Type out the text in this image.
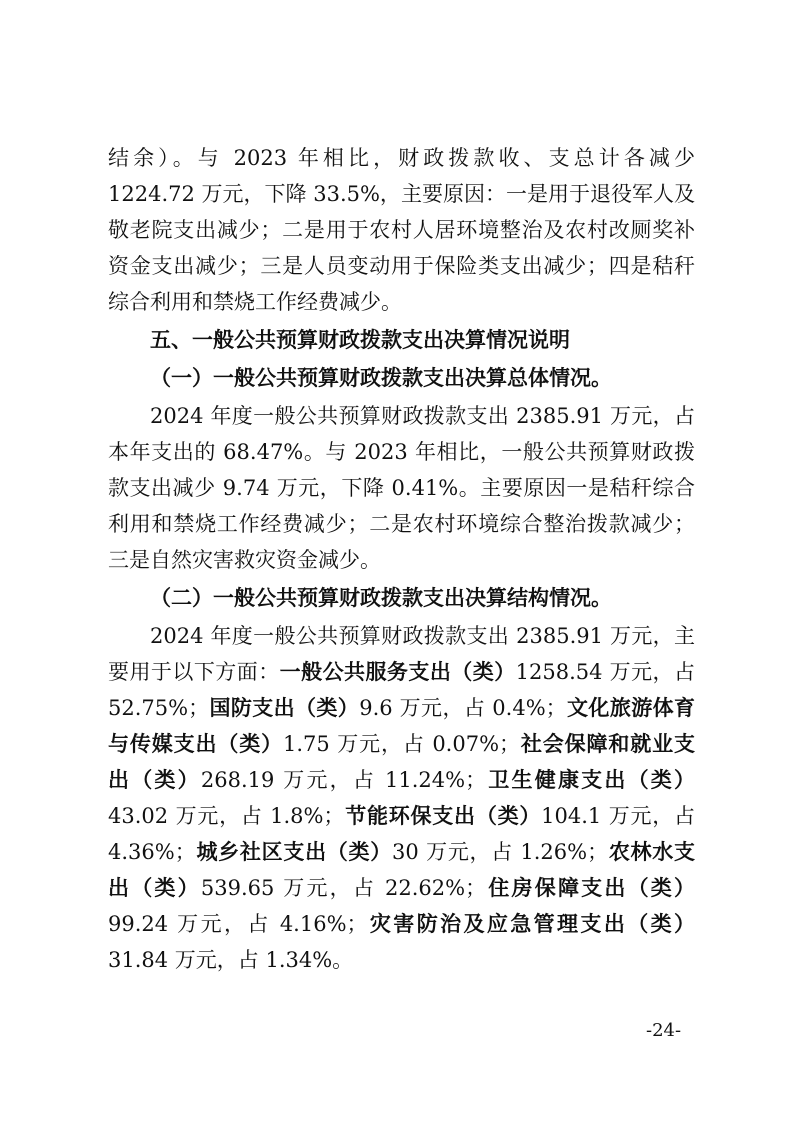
结余）。与 2023 年相比，财政拨款收、支总计各减少 1224.72 万元，下降 33.5%，主要原因：一是用于退役军人及敬老院支出减少；二是用于农村人居环境整治及农村改厕奖补资金支出减少；三是人员变动用于保险类支出减少；四是秸秆综合利用和禁烧工作经费减少。

五、一般公共预算财政拨款支出决算情况说明

（一）一般公共预算财政拨款支出决算总体情况。

2024 年度一般公共预算财政拨款支出 2385.91 万元，占本年支出的 68.47%。与 2023 年相比，一般公共预算财政拨款支出减少 9.74 万元，下降 0.41%。主要原因一是秸秆综合利用和禁烧工作经费减少；二是农村环境综合整治拨款减少；三是自然灾害救灾资金减少。

（二）一般公共预算财政拨款支出决算结构情况。

2024 年度一般公共预算财政拨款支出 2385.91 万元，主要用于以下方面：一般公共服务支出（类）1258.54 万元，占 52.75%；国防支出（类）9.6 万元，占 0.4%；文化旅游体育与传媒支出（类）1.75 万元，占 0.07%；社会保障和就业支出（类）268.19 万元，占 11.24%；卫生健康支出（类）43.02 万元，占 1.8%；节能环保支出（类）104.1 万元，占 4.36%；城乡社区支出（类）30 万元，占 1.26%；农林水支出（类）539.65 万元，占 22.62%；住房保障支出（类）99.24 万元，占 4.16%；灾害防治及应急管理支出（类）31.84 万元，占 1.34%。

-24-
